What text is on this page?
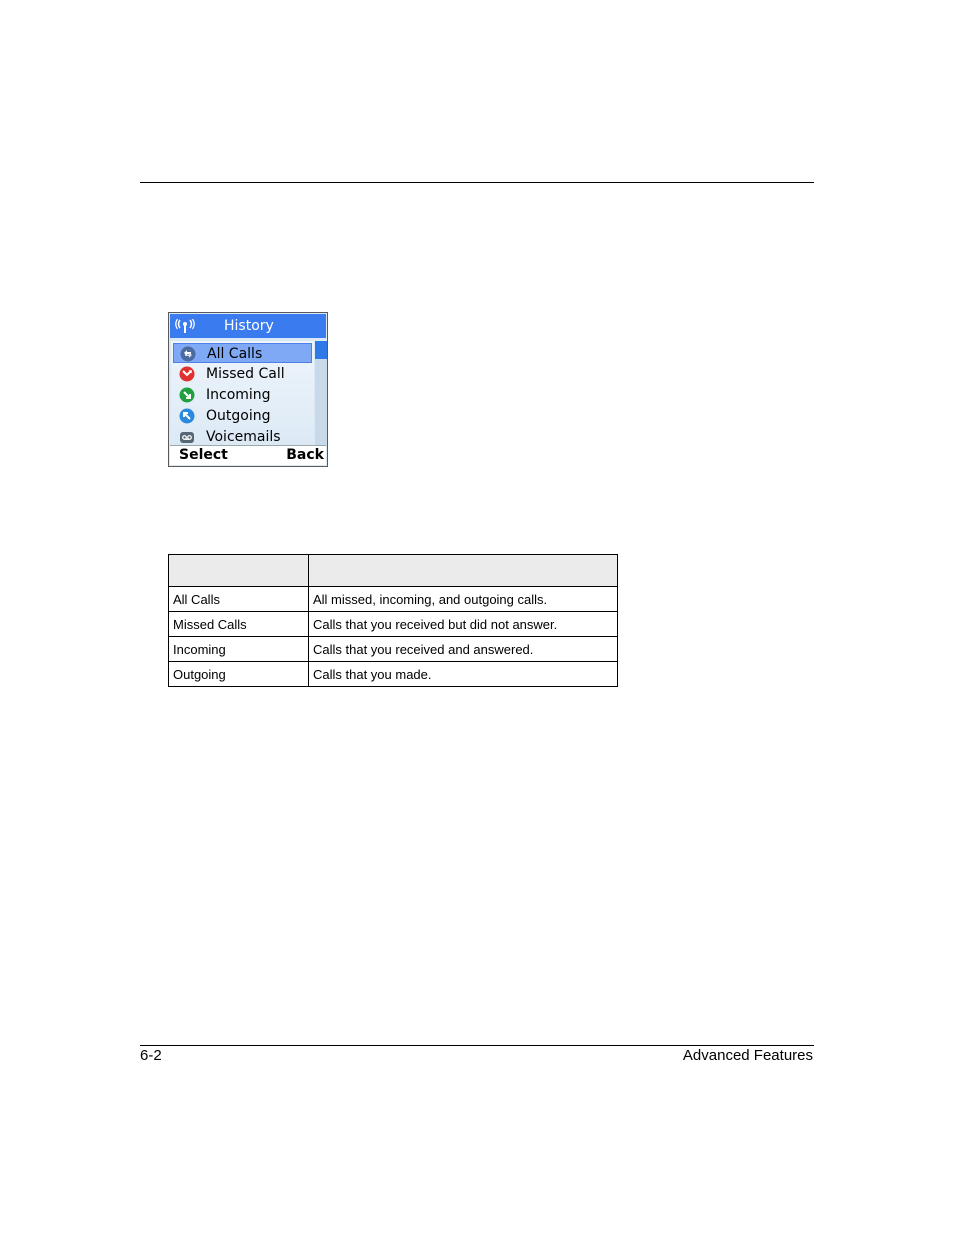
History
All Calls
Missed Call
Incoming
Outgoing
Voicemails
Select	Back

All Calls	All missed, incoming, and outgoing calls.
Missed Calls	Calls that you received but did not answer.
Incoming	Calls that you received and answered.
Outgoing	Calls that you made.
6-2	Advanced Features
